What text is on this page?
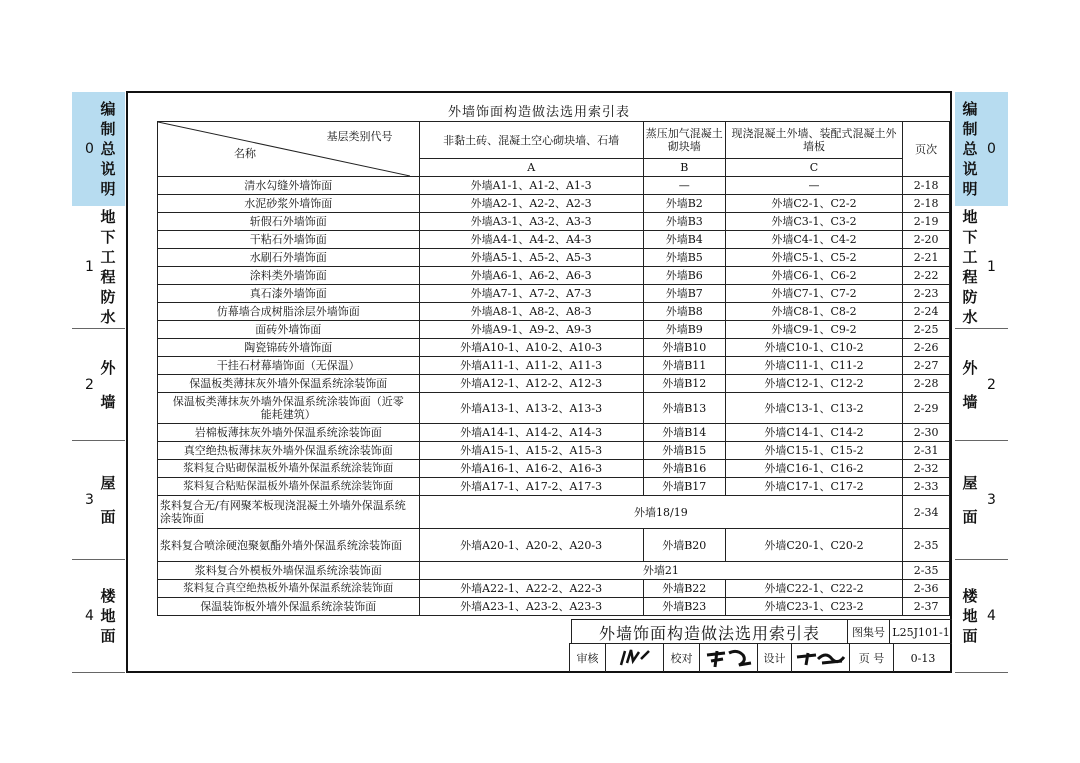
0
编
制
总
说
明
1
地
下
工
程
防
水
2
外
墙
3
屋
面
4
楼
地
面
0
编
制
总
说
明
1
地
下
工
程
防
水
2
外
墙
3
屋
面
4
楼
地
面
外墙饰面构造做法选用索引表
基层类别代号
名称	非黏土砖、混凝土空心砌块墙、石墙	蒸压加气混凝土砌块墙	现浇混凝土外墙、装配式混凝土外墙板	页次
	A	B	C	
清水勾缝外墙饰面	外墙A1-1、A1-2、A1-3	—	—	2-18
水泥砂浆外墙饰面	外墙A2-1、A2-2、A2-3	外墙B2	外墙C2-1、C2-2	2-18
斩假石外墙饰面	外墙A3-1、A3-2、A3-3	外墙B3	外墙C3-1、C3-2	2-19
干粘石外墙饰面	外墙A4-1、A4-2、A4-3	外墙B4	外墙C4-1、C4-2	2-20
水刷石外墙饰面	外墙A5-1、A5-2、A5-3	外墙B5	外墙C5-1、C5-2	2-21
涂料类外墙饰面	外墙A6-1、A6-2、A6-3	外墙B6	外墙C6-1、C6-2	2-22
真石漆外墙饰面	外墙A7-1、A7-2、A7-3	外墙B7	外墙C7-1、C7-2	2-23
仿幕墙合成树脂涂层外墙饰面	外墙A8-1、A8-2、A8-3	外墙B8	外墙C8-1、C8-2	2-24
面砖外墙饰面	外墙A9-1、A9-2、A9-3	外墙B9	外墙C9-1、C9-2	2-25
陶瓷锦砖外墙饰面	外墙A10-1、A10-2、A10-3	外墙B10	外墙C10-1、C10-2	2-26
干挂石材幕墙饰面（无保温）	外墙A11-1、A11-2、A11-3	外墙B11	外墙C11-1、C11-2	2-27
保温板类薄抹灰外墙外保温系统涂装饰面	外墙A12-1、A12-2、A12-3	外墙B12	外墙C12-1、C12-2	2-28
保温板类薄抹灰外墙外保温系统涂装饰面（近零能耗建筑）	外墙A13-1、A13-2、A13-3	外墙B13	外墙C13-1、C13-2	2-29
岩棉板薄抹灰外墙外保温系统涂装饰面	外墙A14-1、A14-2、A14-3	外墙B14	外墙C14-1、C14-2	2-30
真空绝热板薄抹灰外墙外保温系统涂装饰面	外墙A15-1、A15-2、A15-3	外墙B15	外墙C15-1、C15-2	2-31
浆料复合贴砌保温板外墙外保温系统涂装饰面	外墙A16-1、A16-2、A16-3	外墙B16	外墙C16-1、C16-2	2-32
浆料复合粘贴保温板外墙外保温系统涂装饰面	外墙A17-1、A17-2、A17-3	外墙B17	外墙C17-1、C17-2	2-33
浆料复合无/有网聚苯板现浇混凝土外墙外保温系统涂装饰面	外墙18/19			2-34
浆料复合喷涂硬泡聚氨酯外墙外保温系统涂装饰面	外墙A20-1、A20-2、A20-3	外墙B20	外墙C20-1、C20-2	2-35
浆料复合外模板外墙保温系统涂装饰面	外墙21			2-35
浆料复合真空绝热板外墙外保温系统涂装饰面	外墙A22-1、A22-2、A22-3	外墙B22	外墙C22-1、C22-2	2-36
保温装饰板外墙外保温系统涂装饰面	外墙A23-1、A23-2、A23-3	外墙B23	外墙C23-1、C23-2	2-37
外墙饰面构造做法选用索引表	图集号 L25J101-1
审核	校对	设计	页 号	0-13
